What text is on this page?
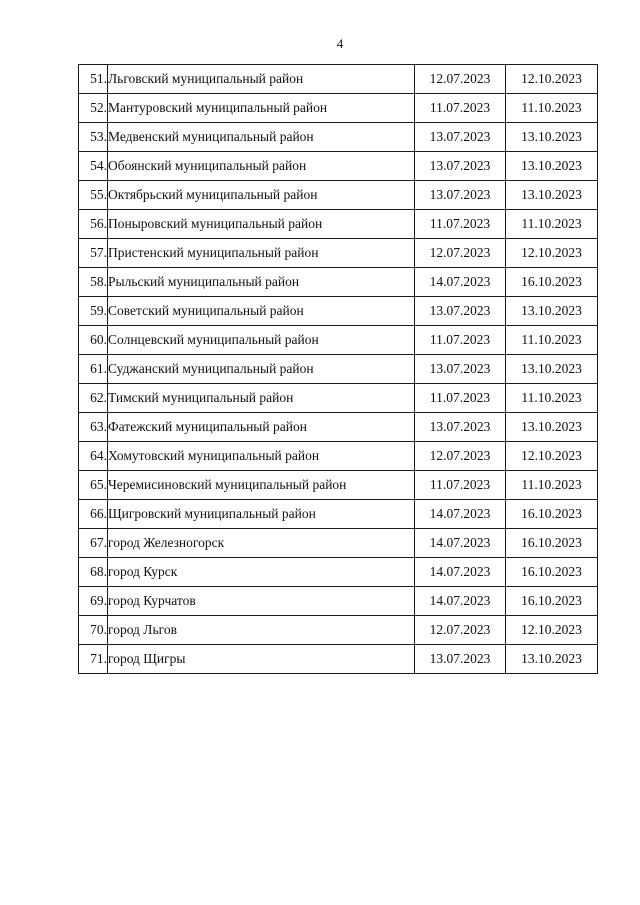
4
51.	Льговский муниципальный район	12.07.2023	12.10.2023
52.	Мантуровский муниципальный район	11.07.2023	11.10.2023
53.	Медвенский муниципальный район	13.07.2023	13.10.2023
54.	Обоянский муниципальный район	13.07.2023	13.10.2023
55.	Октябрьский муниципальный район	13.07.2023	13.10.2023
56.	Поныровский муниципальный район	11.07.2023	11.10.2023
57.	Пристенский муниципальный район	12.07.2023	12.10.2023
58.	Рыльский муниципальный район	14.07.2023	16.10.2023
59.	Советский муниципальный район	13.07.2023	13.10.2023
60.	Солнцевский муниципальный район	11.07.2023	11.10.2023
61.	Суджанский муниципальный район	13.07.2023	13.10.2023
62.	Тимский муниципальный район	11.07.2023	11.10.2023
63.	Фатежский муниципальный район	13.07.2023	13.10.2023
64.	Хомутовский муниципальный район	12.07.2023	12.10.2023
65.	Черемисиновский муниципальный район	11.07.2023	11.10.2023
66.	Щигровский муниципальный район	14.07.2023	16.10.2023
67.	город Железногорск	14.07.2023	16.10.2023
68.	город Курск	14.07.2023	16.10.2023
69.	город Курчатов	14.07.2023	16.10.2023
70.	город Льгов	12.07.2023	12.10.2023
71.	город Щигры	13.07.2023	13.10.2023
